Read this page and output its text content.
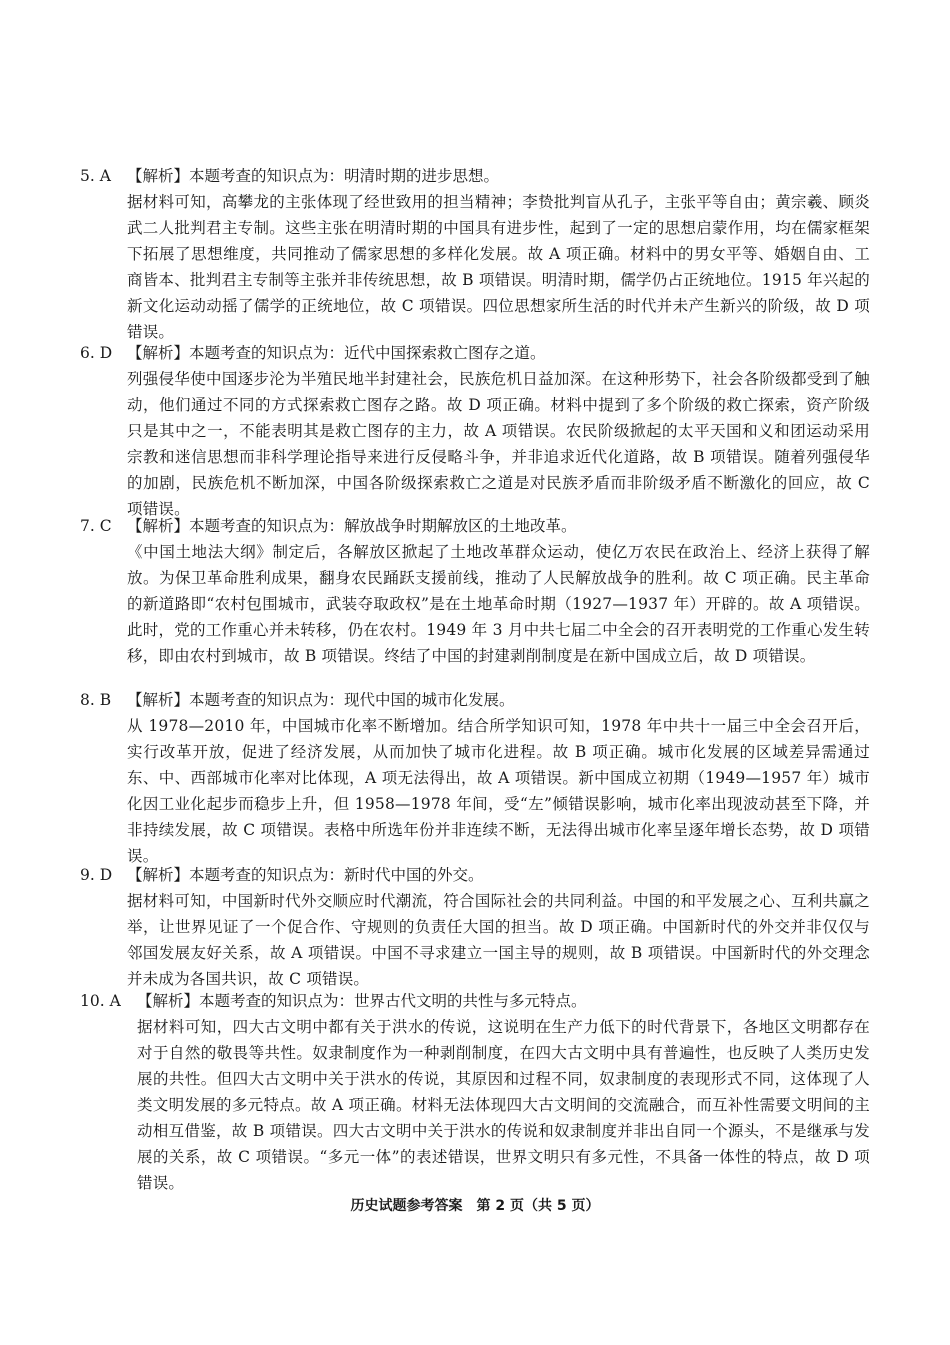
5. A	【解析】本题考查的知识点为：明清时期的进步思想。
据材料可知，高攀龙的主张体现了经世致用的担当精神；李贽批判盲从孔子，主张平等自由；黄宗羲、顾炎武二人批判君主专制。这些主张在明清时期的中国具有进步性，起到了一定的思想启蒙作用，均在儒家框架下拓展了思想维度，共同推动了儒家思想的多样化发展。故 A 项正确。材料中的男女平等、婚姻自由、工商皆本、批判君主专制等主张并非传统思想，故 B 项错误。明清时期，儒学仍占正统地位。1915 年兴起的新文化运动动摇了儒学的正统地位，故 C 项错误。四位思想家所生活的时代并未产生新兴的阶级，故 D 项错误。
6. D 【解析】本题考查的知识点为：近代中国探索救亡图存之道。
列强侵华使中国逐步沦为半殖民地半封建社会，民族危机日益加深。在这种形势下，社会各阶级都受到了触动，他们通过不同的方式探索救亡图存之路。故 D 项正确。材料中提到了多个阶级的救亡探索，资产阶级只是其中之一，不能表明其是救亡图存的主力，故 A 项错误。农民阶级掀起的太平天国和义和团运动采用宗教和迷信思想而非科学理论指导来进行反侵略斗争，并非追求近代化道路，故 B 项错误。随着列强侵华的加剧，民族危机不断加深，中国各阶级探索救亡之道是对民族矛盾而非阶级矛盾不断激化的回应，故 C 项错误。
7. C 【解析】本题考查的知识点为：解放战争时期解放区的土地改革。
《中国土地法大纲》制定后，各解放区掀起了土地改革群众运动，使亿万农民在政治上、经济上获得了解放。为保卫革命胜利成果，翻身农民踊跃支援前线，推动了人民解放战争的胜利。故 C 项正确。民主革命的新道路即“农村包围城市，武装夺取政权”是在土地革命时期（1927—1937 年）开辟的。故 A 项错误。此时，党的工作重心并未转移，仍在农村。1949 年 3 月中共七届二中全会的召开表明党的工作重心发生转移，即由农村到城市，故 B 项错误。终结了中国的封建剥削制度是在新中国成立后，故 D 项错误。
8. B	【解析】本题考查的知识点为：现代中国的城市化发展。
从 1978—2010 年，中国城市化率不断增加。结合所学知识可知，1978 年中共十一届三中全会召开后，实行改革开放，促进了经济发展，从而加快了城市化进程。故 B 项正确。城市化发展的区域差异需通过东、中、西部城市化率对比体现，A 项无法得出，故 A 项错误。新中国成立初期（1949—1957 年）城市化因工业化起步而稳步上升，但 1958—1978 年间，受“左”倾错误影响，城市化率出现波动甚至下降，并非持续发展，故 C 项错误。表格中所选年份并非连续不断，无法得出城市化率呈逐年增长态势，故 D 项错误。
9. D 【解析】本题考查的知识点为：新时代中国的外交。
据材料可知，中国新时代外交顺应时代潮流，符合国际社会的共同利益。中国的和平发展之心、互利共赢之举，让世界见证了一个促合作、守规则的负责任大国的担当。故 D 项正确。中国新时代的外交并非仅仅与邻国发展友好关系，故 A 项错误。中国不寻求建立一国主导的规则，故 B 项错误。中国新时代的外交理念并未成为各国共识，故 C 项错误。
10. A	【解析】本题考查的知识点为：世界古代文明的共性与多元特点。
据材料可知，四大古文明中都有关于洪水的传说，这说明在生产力低下的时代背景下，各地区文明都存在对于自然的敬畏等共性。奴隶制度作为一种剥削制度，在四大古文明中具有普遍性，也反映了人类历史发展的共性。但四大古文明中关于洪水的传说，其原因和过程不同，奴隶制度的表现形式不同，这体现了人类文明发展的多元特点。故 A 项正确。材料无法体现四大古文明间的交流融合，而互补性需要文明间的主动相互借鉴，故 B 项错误。四大古文明中关于洪水的传说和奴隶制度并非出自同一个源头，不是继承与发展的关系，故 C 项错误。“多元一体”的表述错误，世界文明只有多元性，不具备一体性的特点，故 D 项错误。
历史试题参考答案　第 2 页（共 5 页）
